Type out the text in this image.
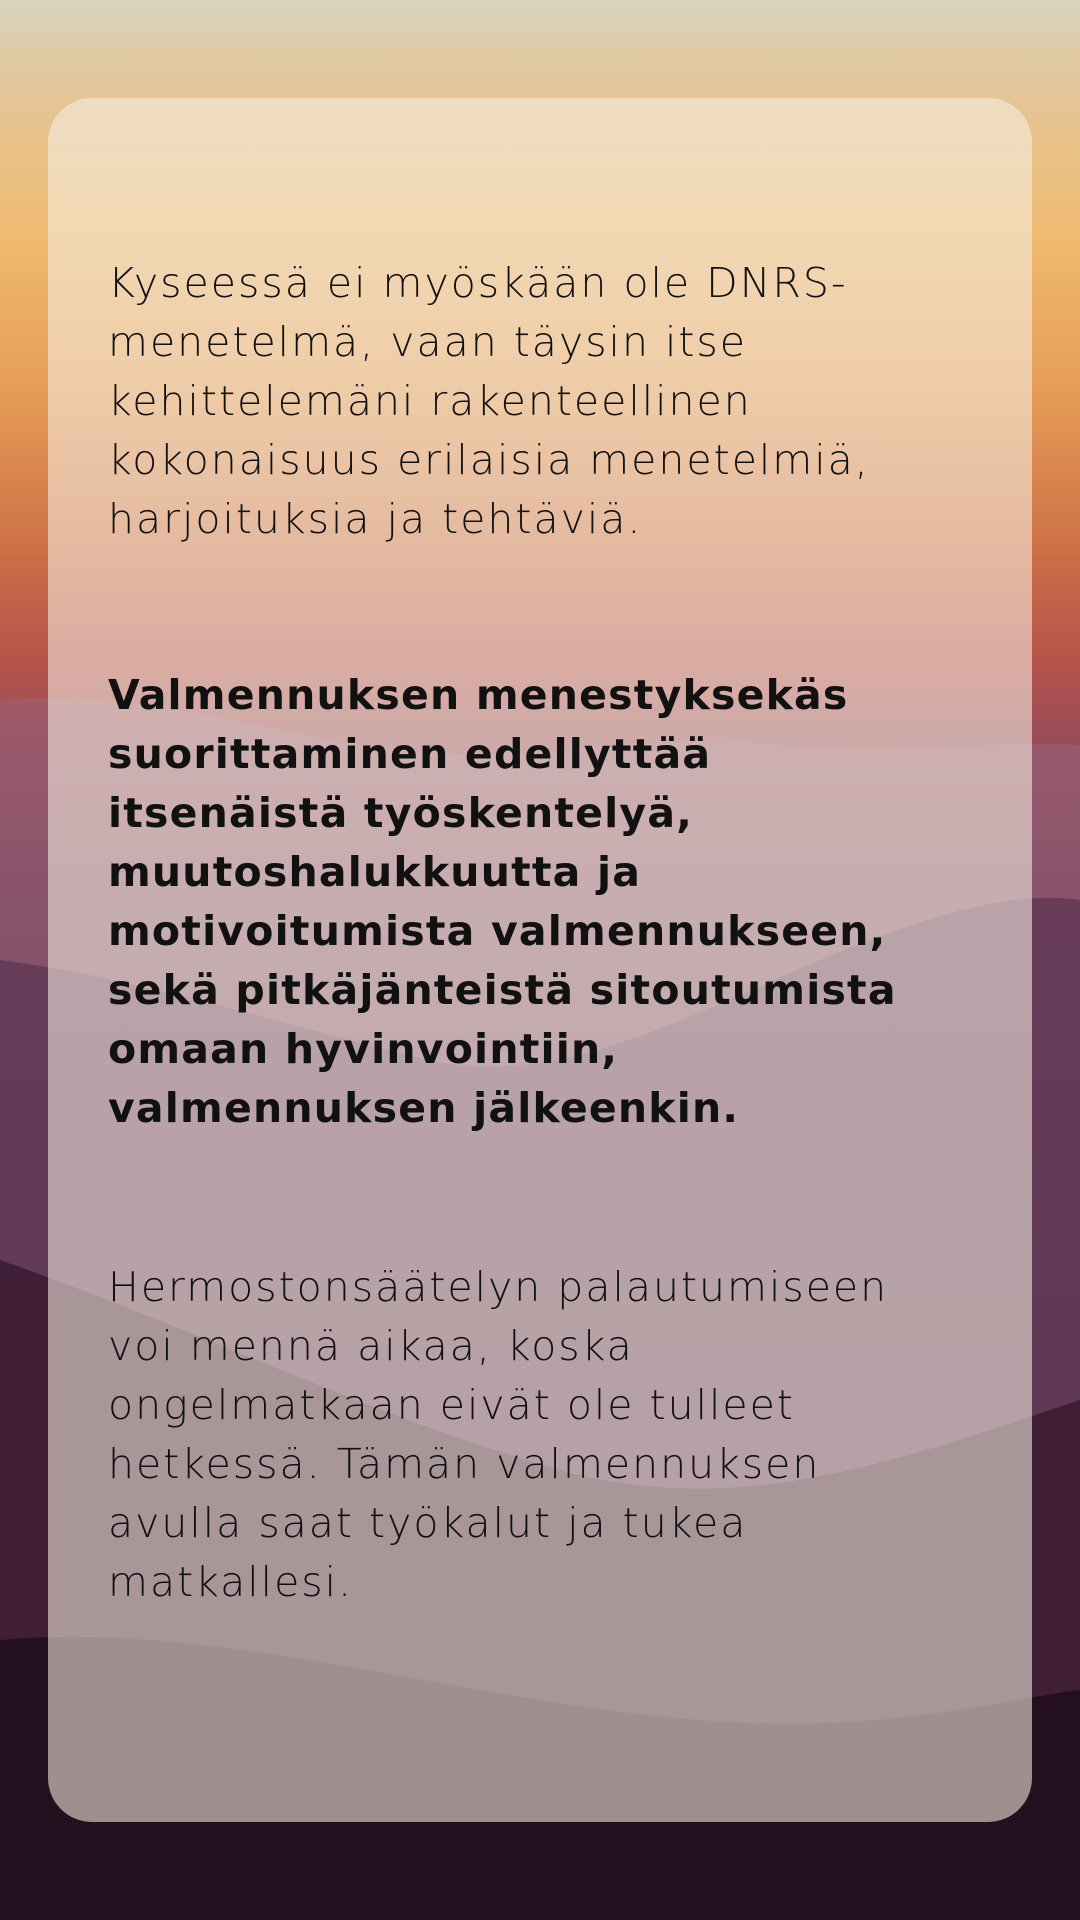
Kyseessä ei myöskään ole DNRS-
menetelmä, vaan täysin itse
kehittelemäni rakenteellinen
kokonaisuus erilaisia menetelmiä,
harjoituksia ja tehtäviä.

Valmennuksen menestyksekäs
suorittaminen edellyttää
itsenäistä työskentelyä,
muutoshalukkuutta ja
motivoitumista valmennukseen,
sekä pitkäjänteistä sitoutumista
omaan hyvinvointiin,
valmennuksen jälkeenkin.

Hermostonsäätelyn palautumiseen
voi mennä aikaa, koska
ongelmatkaan eivät ole tulleet
hetkessä. Tämän valmennuksen
avulla saat työkalut ja tukea
matkallesi.
